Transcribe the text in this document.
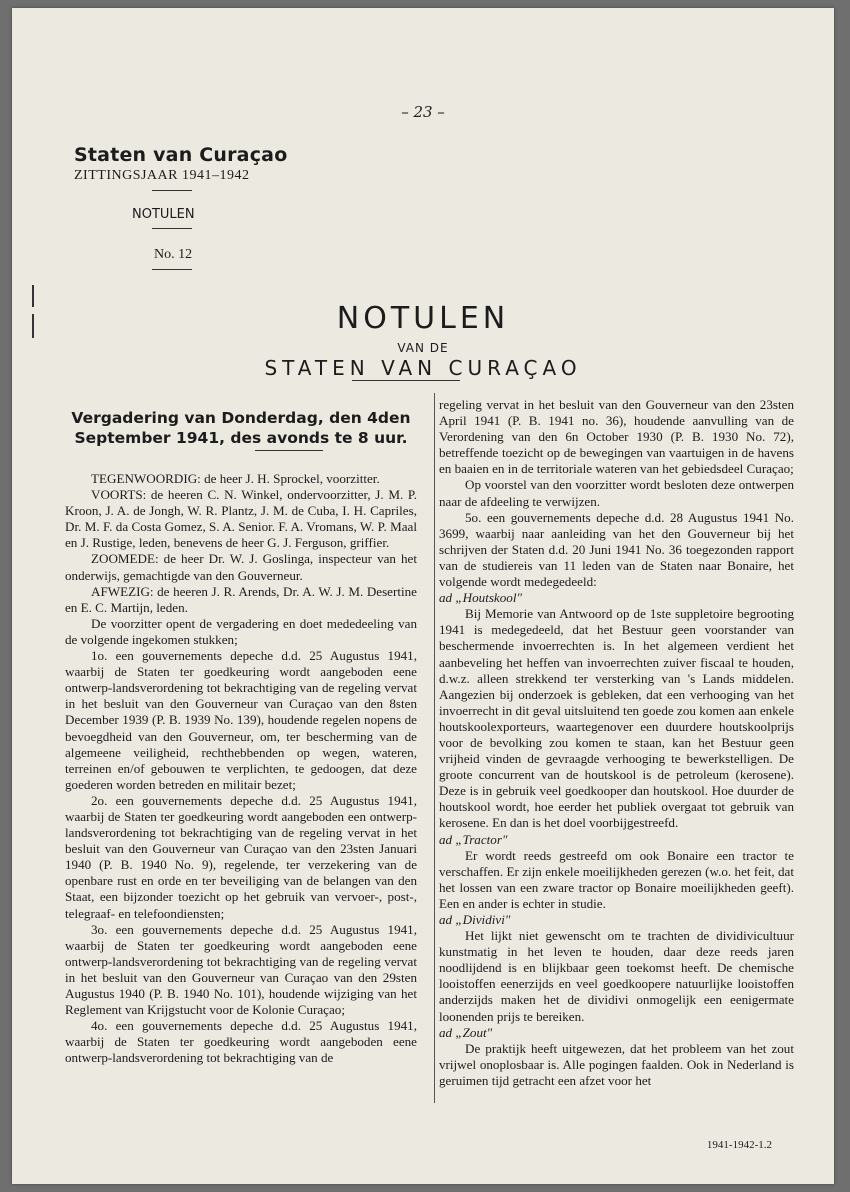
– 23 –
Staten van Curaçao
ZITTINGSJAAR 1941–1942
NOTULEN
No. 12
NOTULEN
VAN DE
STATEN VAN CURAÇAO
Vergadering van Donderdag, den 4den September 1941, des avonds te 8 uur.

TEGENWOORDIG: de heer J. H. Sprockel, voorzitter.

VOORTS: de heeren C. N. Winkel, ondervoorzitter, J. M. P. Kroon, J. A. de Jongh, W. R. Plantz, J. M. de Cuba, I. H. Capriles, Dr. M. F. da Costa Gomez, S. A. Senior. F. A. Vromans, W. P. Maal en J. Rustige, leden, benevens de heer G. J. Ferguson, griffier.

ZOOMEDE: de heer Dr. W. J. Goslinga, inspecteur van het onderwijs, gemachtigde van den Gouverneur.

AFWEZIG: de heeren J. R. Arends, Dr. A. W. J. M. Desertine en E. C. Martijn, leden.

De voorzitter opent de vergadering en doet mededeeling van de volgende ingekomen stukken;

1o. een gouvernements depeche d.d. 25 Augustus 1941, waarbij de Staten ter goedkeuring wordt aangeboden eene ontwerp-landsverordening tot bekrachtiging van de regeling vervat in het besluit van den Gouverneur van Curaçao van den 8sten December 1939 (P. B. 1939 No. 139), houdende regelen nopens de bevoegdheid van den Gouverneur, om, ter bescherming van de algemeene veiligheid, rechthebbenden op wegen, wateren, terreinen en/of gebouwen te verplichten, te gedoogen, dat deze goederen worden betreden en militair bezet;

2o. een gouvernements depeche d.d. 25 Augustus 1941, waarbij de Staten ter goedkeuring wordt aangeboden een ontwerp-landsverordening tot bekrachtiging van de regeling vervat in het besluit van den Gouverneur van Curaçao van den 23sten Januari 1940 (P. B. 1940 No. 9), regelende, ter verzekering van de openbare rust en orde en ter beveiliging van de belangen van den Staat, een bijzonder toezicht op het gebruik van vervoer-, post-, telegraaf- en telefoondiensten;

3o. een gouvernements depeche d.d. 25 Augustus 1941, waarbij de Staten ter goedkeuring wordt aangeboden eene ontwerp-landsverordening tot bekrachtiging van de regeling vervat in het besluit van den Gouverneur van Curaçao van den 29sten Augustus 1940 (P. B. 1940 No. 101), houdende wijziging van het Reglement van Krijgstucht voor de Kolonie Curaçao;

4o. een gouvernements depeche d.d. 25 Augustus 1941, waarbij de Staten ter goedkeuring wordt aangeboden eene ontwerp-landsverordening tot bekrachtiging van de

regeling vervat in het besluit van den Gouverneur van den 23sten April 1941 (P. B. 1941 no. 36), houdende aanvulling van de Verordening van den 6n October 1930 (P. B. 1930 No. 72), betreffende toezicht op de bewegingen van vaartuigen in de havens en baaien en in de territoriale wateren van het gebiedsdeel Curaçao;

Op voorstel van den voorzitter wordt besloten deze ontwerpen naar de afdeeling te verwijzen.

5o. een gouvernements depeche d.d. 28 Augustus 1941 No. 3699, waarbij naar aanleiding van het den Gouverneur bij het schrijven der Staten d.d. 20 Juni 1941 No. 36 toegezonden rapport van de studiereis van 11 leden van de Staten naar Bonaire, het volgende wordt medegedeeld:

ad „Houtskool"

Bij Memorie van Antwoord op de 1ste suppletoire begrooting 1941 is medegedeeld, dat het Bestuur geen voorstander van beschermende invoerrechten is. In het algemeen verdient het aanbeveling het heffen van invoerrechten zuiver fiscaal te houden, d.w.z. alleen strekkend ter versterking van 's Lands middelen. Aangezien bij onderzoek is gebleken, dat een verhooging van het invoerrecht in dit geval uitsluitend ten goede zou komen aan enkele houtskoolexporteurs, waartegenover een duurdere houtskoolprijs voor de bevolking zou komen te staan, kan het Bestuur geen vrijheid vinden de gevraagde verhooging te bewerkstelligen. De groote concurrent van de houtskool is de petroleum (kerosene). Deze is in gebruik veel goedkooper dan houtskool. Hoe duurder de houtskool wordt, hoe eerder het publiek overgaat tot gebruik van kerosene. En dan is het doel voorbijgestreefd.

ad „Tractor"

Er wordt reeds gestreefd om ook Bonaire een tractor te verschaffen. Er zijn enkele moeilijkheden gerezen (w.o. het feit, dat het lossen van een zware tractor op Bonaire moeilijkheden geeft). Een en ander is echter in studie.

ad „Dividivi"

Het lijkt niet gewenscht om te trachten de dividivicultuur kunstmatig in het leven te houden, daar deze reeds jaren noodlijdend is en blijkbaar geen toekomst heeft. De chemische looistoffen eenerzijds en veel goedkoopere natuurlijke looistoffen anderzijds maken het de dividivi onmogelijk een eenigermate loonenden prijs te bereiken.

ad „Zout"

De praktijk heeft uitgewezen, dat het probleem van het zout vrijwel onoplosbaar is. Alle pogingen faalden. Ook in Nederland is geruimen tijd getracht een afzet voor het

1941-1942-1.2
